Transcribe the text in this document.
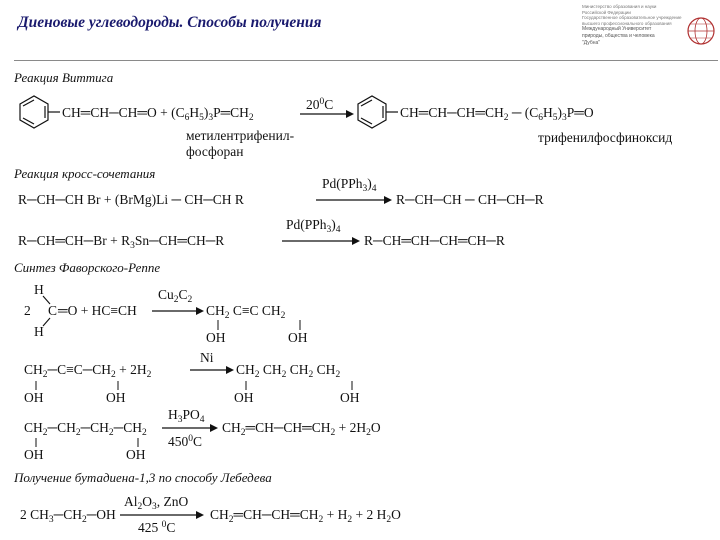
Диеновые углеводороды. Способы получения
Министерство образования и науки
Российской Федерации
Государственное образовательное учреждение
высшего профессионального образования
Международный Университет
природы, общества и человека
"Дубна"
Реакция Виттига
Реакция кросс-сочетания
Синтез Фаворского-Реппе
Получение бутадиена-1,3 по способу Лебедева
CH═CH─CH═O + $(C_6H_5)_3P═CH_2$
$20^0C$
$CH═CH─CH═CH_2$ ─ $(C_6H_5)_3P═O$
метилентрифенил-
фосфоран
трифенилфосфиноксид
R─CH─CH Br + (BrMg)Li ─ CH─CH R
$Pd(PPh_3)_4$
R─CH─CH ─ CH─CH─R
R─CH═CH─Br + $R_3Sn─CH═CH─R$
$Pd(PPh_3)_4$
R─CH═CH─CH═CH─R
H
2 C ═O + HC≡CH
H
$Cu_2C_2$
$CH_2$ C≡C $CH_2$
OH	OH
$CH_2─C\equiv C─CH_2 + 2H_2$
Ni
$CH_2$ $CH_2$ $CH_2$ $CH_2$
OH	OH	OH	OH
$CH_2─CH_2─CH_2─CH_2$
$H_3PO_4$
$450^0C$
$CH_2═CH─CH═CH_2 + 2H_2O$
OH	OH
2 $CH_3─CH_2─OH$
$Al_2O_3$, ZnO
425 $^0$C
$CH_2═CH─CH═CH_2 + H_2 + 2$ $H_2O$
